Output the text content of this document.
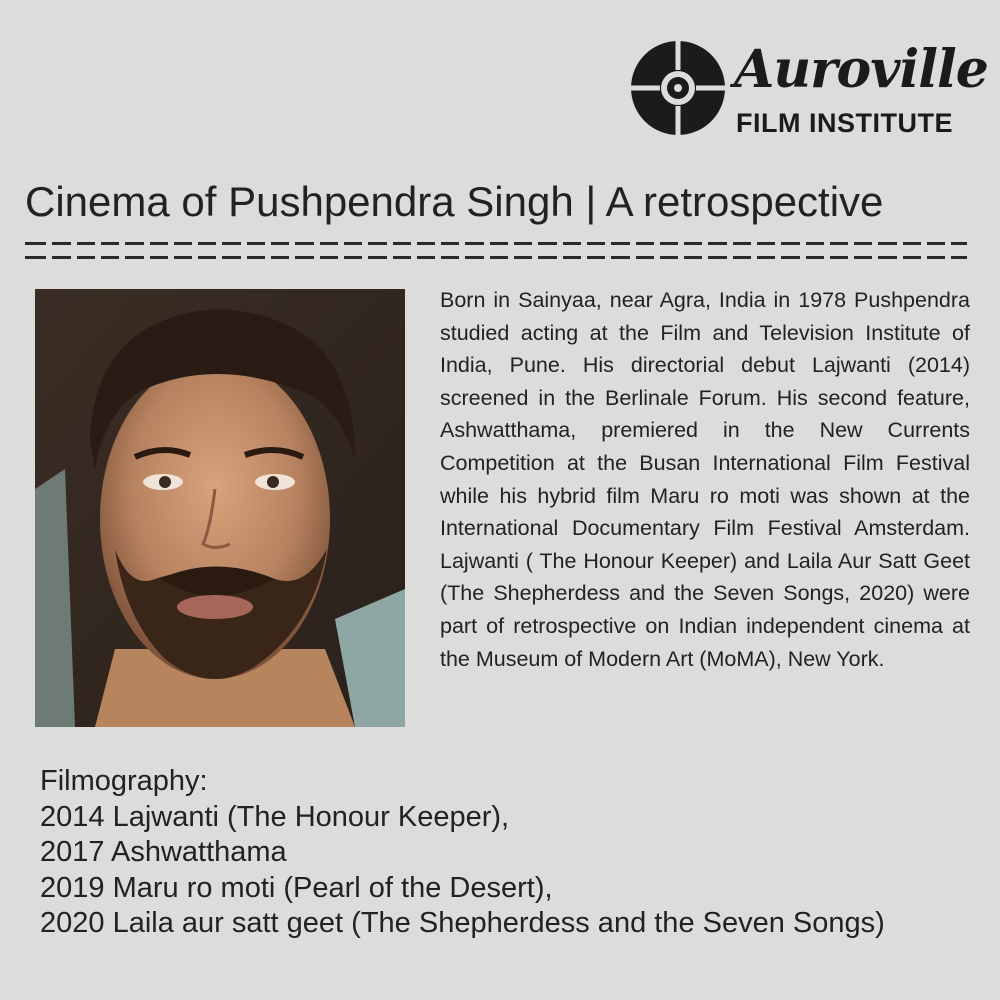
Auroville
FILM INSTITUTE
Cinema of Pushpendra Singh | A retrospective

Born in Sainyaa, near Agra, India in 1978 Pushpendra studied acting at the Film and Television Institute of India, Pune. His directorial debut Lajwanti (2014) screened in the Berlinale Forum. His second feature, Ashwatthama, premiered in the New Currents Competition at the Busan International Film Festival while his hybrid film Maru ro moti was shown at the International Documentary Film Festival Amsterdam. Lajwanti ( The Honour Keeper) and Laila Aur Satt Geet (The Shepherdess and the Seven Songs, 2020) were part of retrospective on Indian independent cinema at the Museum of Modern Art (MoMA), New York.

Filmography:
2014 Lajwanti (The Honour Keeper),
2017 Ashwatthama
2019 Maru ro moti (Pearl of the Desert),
2020 Laila aur satt geet (The Shepherdess and the Seven Songs)
